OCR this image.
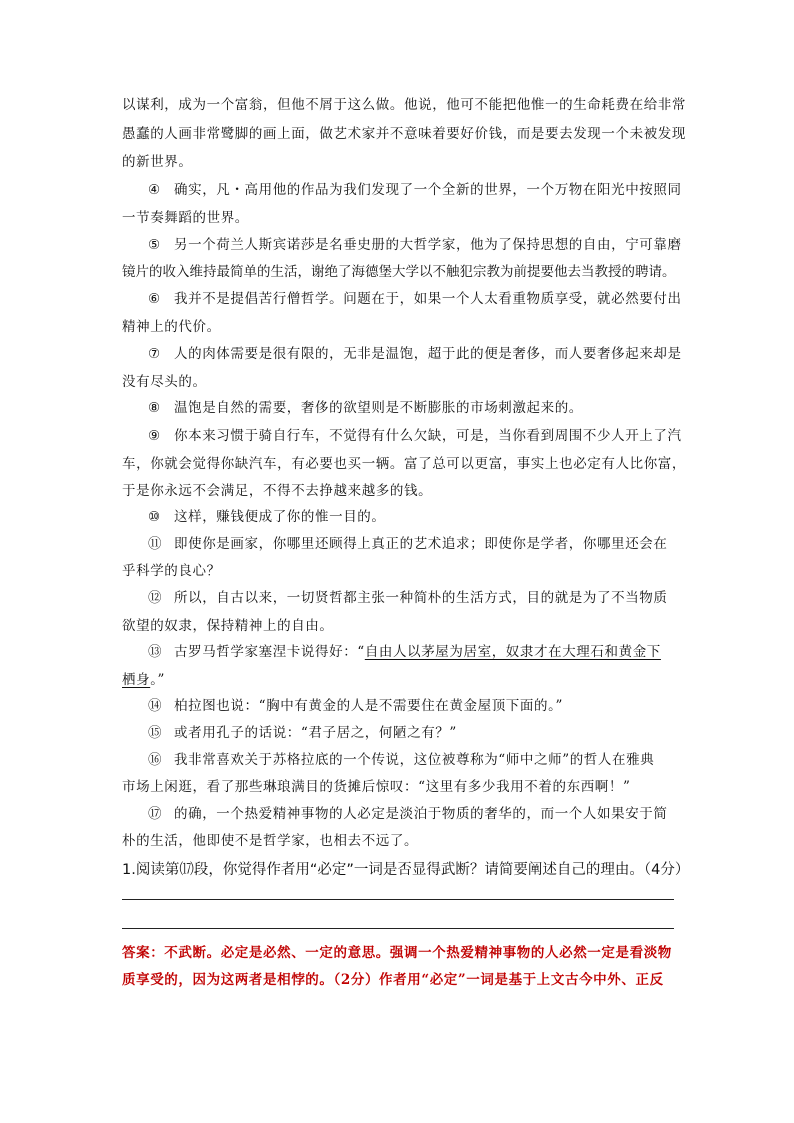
以谋利，成为一个富翁，但他不屑于这么做。他说，他可不能把他惟一的生命耗费在给非常
愚蠢的人画非常鹭脚的画上面，做艺术家并不意味着要好价钱，而是要去发现一个未被发现
的新世界。
④ 确实，凡・高用他的作品为我们发现了一个全新的世界，一个万物在阳光中按照同
一节奏舞蹈的世界。
⑤ 另一个荷兰人斯宾诺莎是名垂史册的大哲学家，他为了保持思想的自由，宁可靠磨
镜片的收入维持最简单的生活，谢绝了海德堡大学以不触犯宗教为前提要他去当教授的聘请。
⑥ 我并不是提倡苦行僧哲学。问题在于，如果一个人太看重物质享受，就必然要付出
精神上的代价。
⑦ 人的肉体需要是很有限的，无非是温饱，超于此的便是奢侈，而人要奢侈起来却是
没有尽头的。
⑧ 温饱是自然的需要，奢侈的欲望则是不断膨胀的市场刺激起来的。
⑨ 你本来习惯于骑自行车，不觉得有什么欠缺，可是，当你看到周围不少人开上了汽
车，你就会觉得你缺汽车，有必要也买一辆。富了总可以更富，事实上也必定有人比你富，
于是你永远不会满足，不得不去挣越来越多的钱。
⑩ 这样，赚钱便成了你的惟一目的。
⑪ 即使你是画家，你哪里还顾得上真正的艺术追求；即使你是学者，你哪里还会在
乎科学的良心？
⑫ 所以，自古以来，一切贤哲都主张一种简朴的生活方式，目的就是为了不当物质
欲望的奴隶，保持精神上的自由。
⑬ 古罗马哲学家塞涅卡说得好：“自由人以茅屋为居室，奴隶才在大理石和黄金下
栖身。”
⑭ 柏拉图也说：“胸中有黄金的人是不需要住在黄金屋顶下面的。”
⑮ 或者用孔子的话说：“君子居之，何陋之有？”
⑯ 我非常喜欢关于苏格拉底的一个传说，这位被尊称为“师中之师”的哲人在雅典
市场上闲逛，看了那些琳琅满目的货摊后惊叹：“这里有多少我用不着的东西啊！”
⑰ 的确，一个热爱精神事物的人必定是淡泊于物质的奢华的，而一个人如果安于简
朴的生活，他即使不是哲学家，也相去不远了。
1.阅读第⒄段，你觉得作者用“必定”一词是否显得武断？请简要阐述自己的理由。（4分）
答案：不武断。必定是必然、一定的意思。强调一个热爱精神事物的人必然一定是看淡物
质享受的，因为这两者是相悖的。（2分）作者用“必定”一词是基于上文古今中外、正反
